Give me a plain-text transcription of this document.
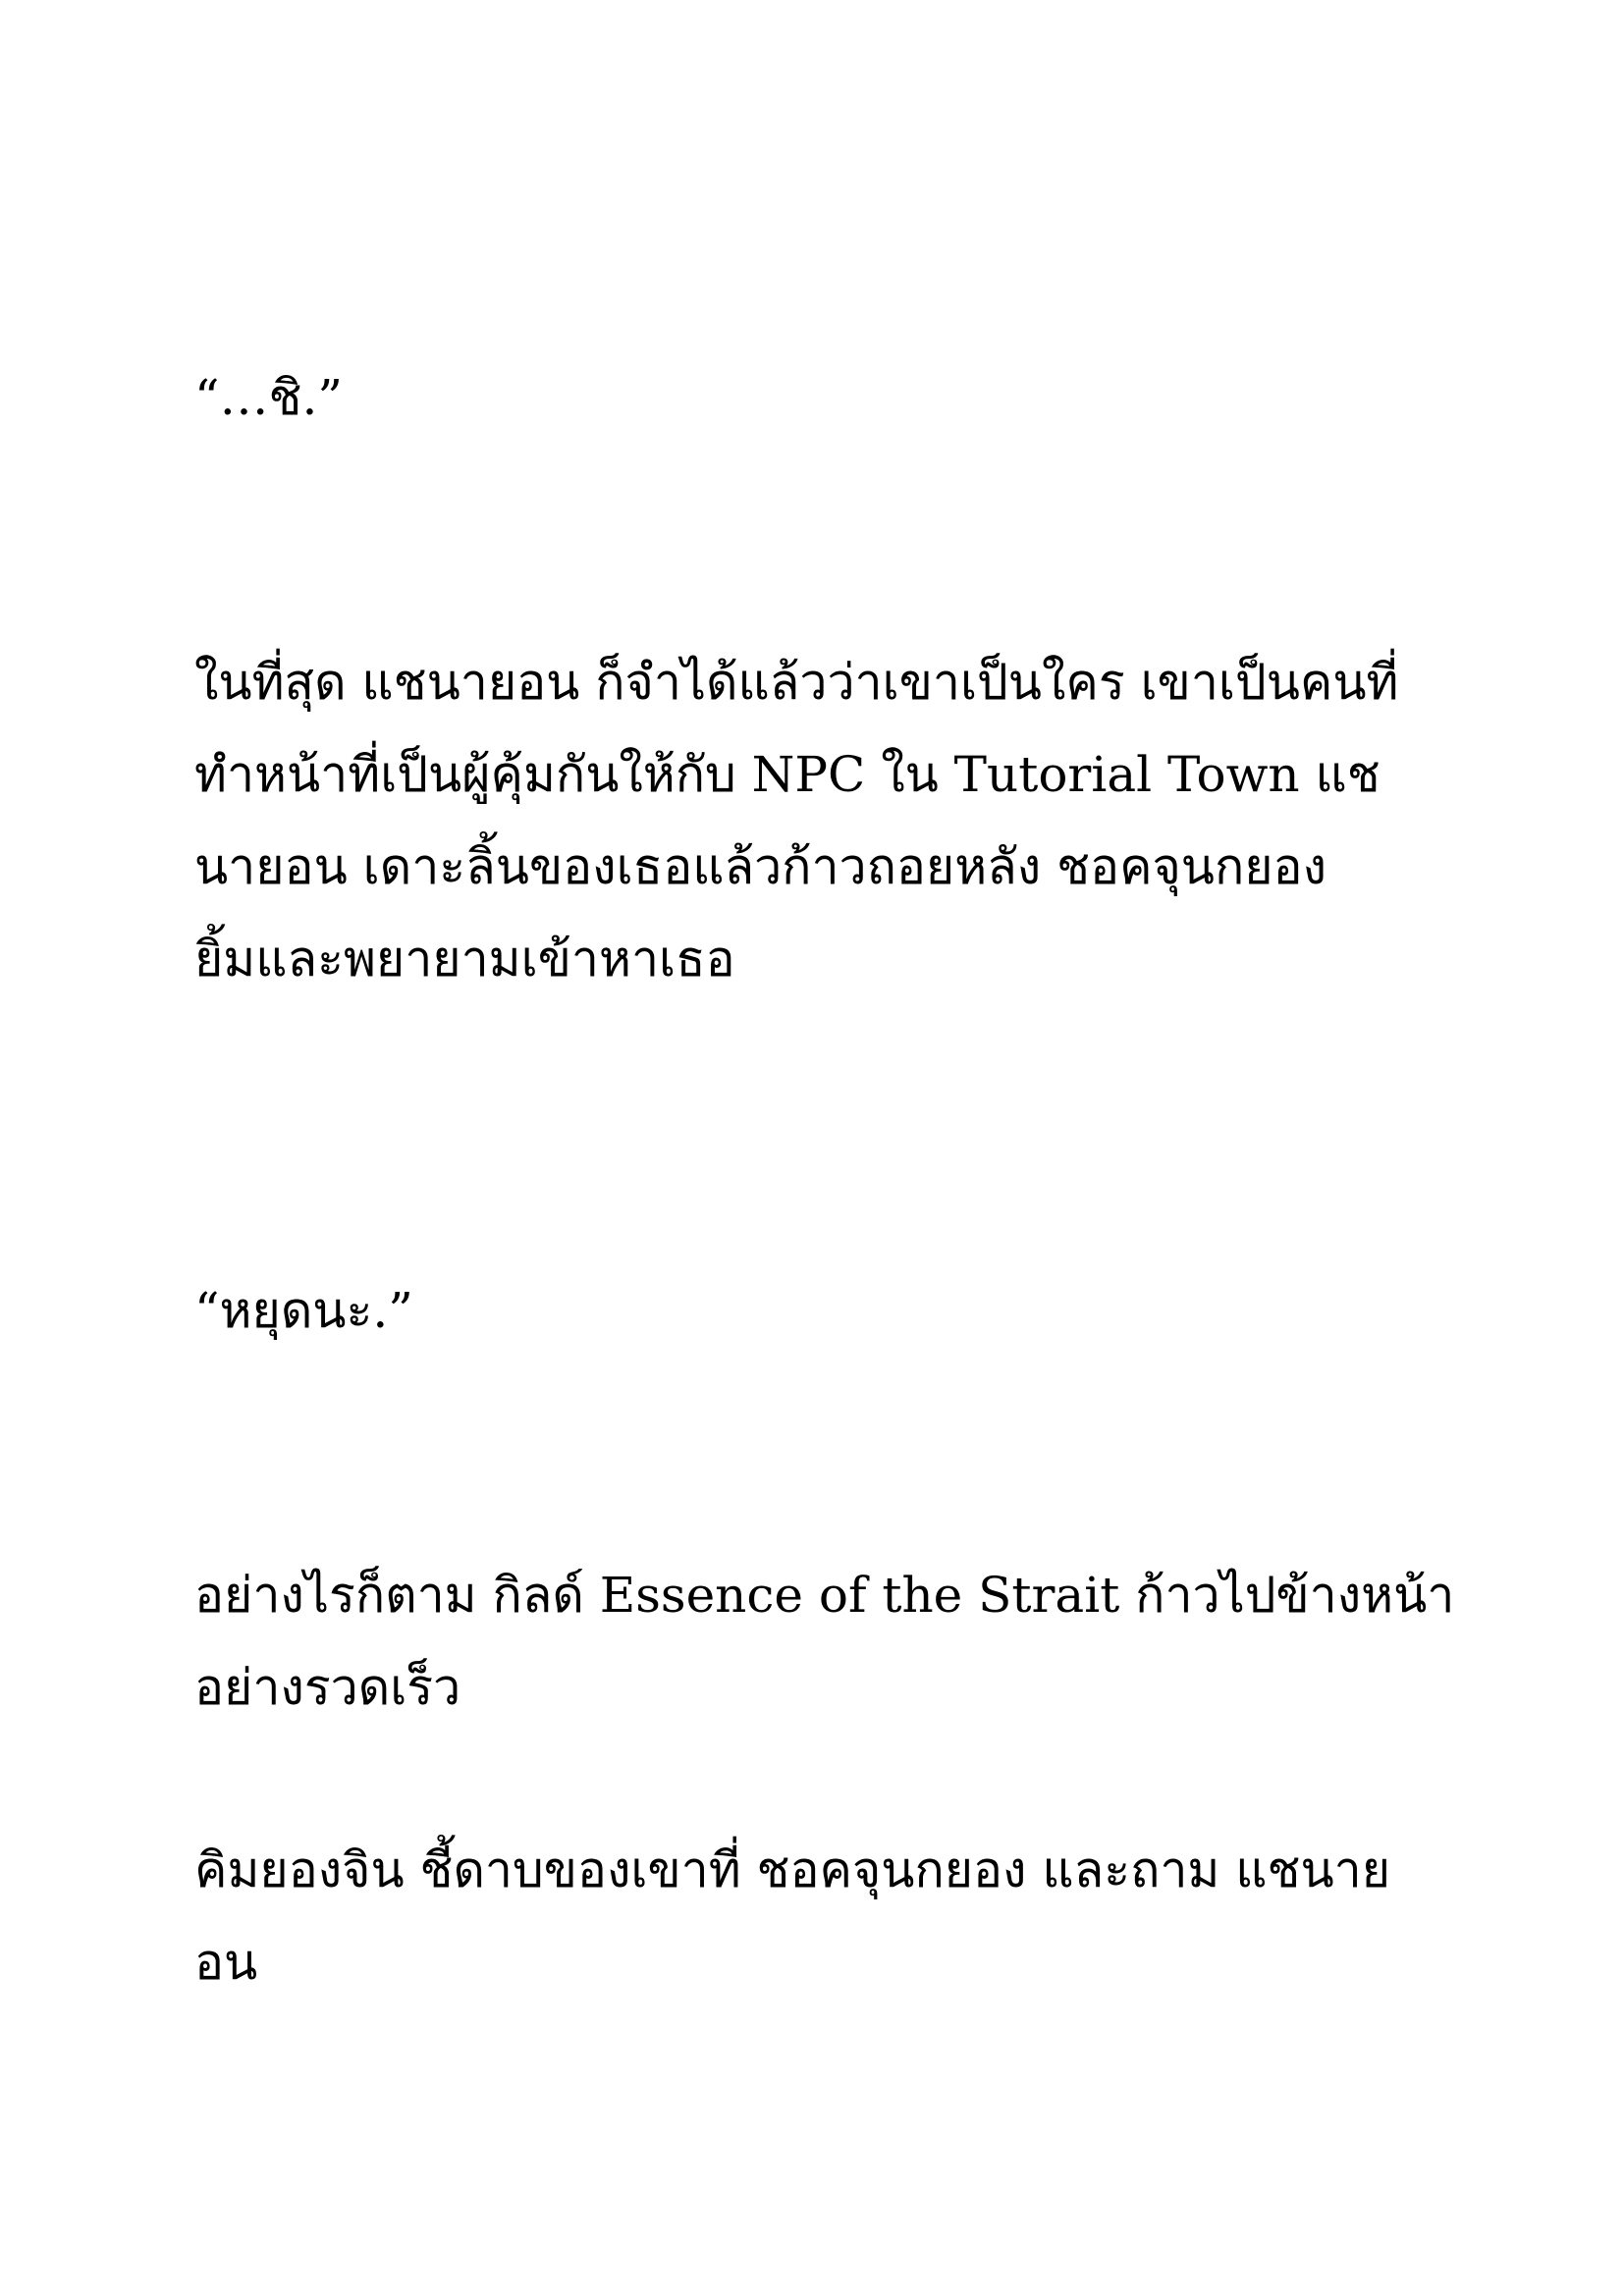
“…ชิ.”

ในที่สุด แชนายอน ก็จำได้แล้วว่าเขาเป็นใคร เขาเป็นคนที่
ทำหน้าที่เป็นผู้คุ้มกันให้กับ NPC ใน Tutorial Town แช
นายอน เดาะลิ้นของเธอแล้วก้าวถอยหลัง ชอคจุนกยอง
ยิ้มและพยายามเข้าหาเธอ

“หยุดนะ.”

อย่างไรก็ตาม กิลด์ Essence of the Strait ก้าวไปข้างหน้า
อย่างรวดเร็ว

คิมยองจิน ชี้ดาบของเขาที่ ชอคจุนกยอง และถาม แชนาย
อน
